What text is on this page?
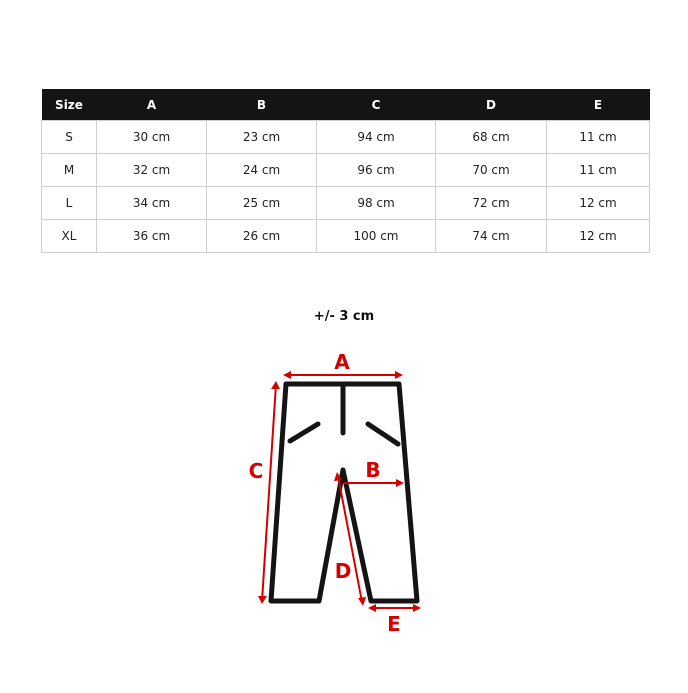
Size	A	B	C	D	E
S	30 cm	23 cm	94 cm	68 cm	11 cm
M	32 cm	24 cm	96 cm	70 cm	11 cm
L	34 cm	25 cm	98 cm	72 cm	12 cm
XL	36 cm	26 cm	100 cm	74 cm	12 cm
+/- 3 cm
A
C	B
D
E
